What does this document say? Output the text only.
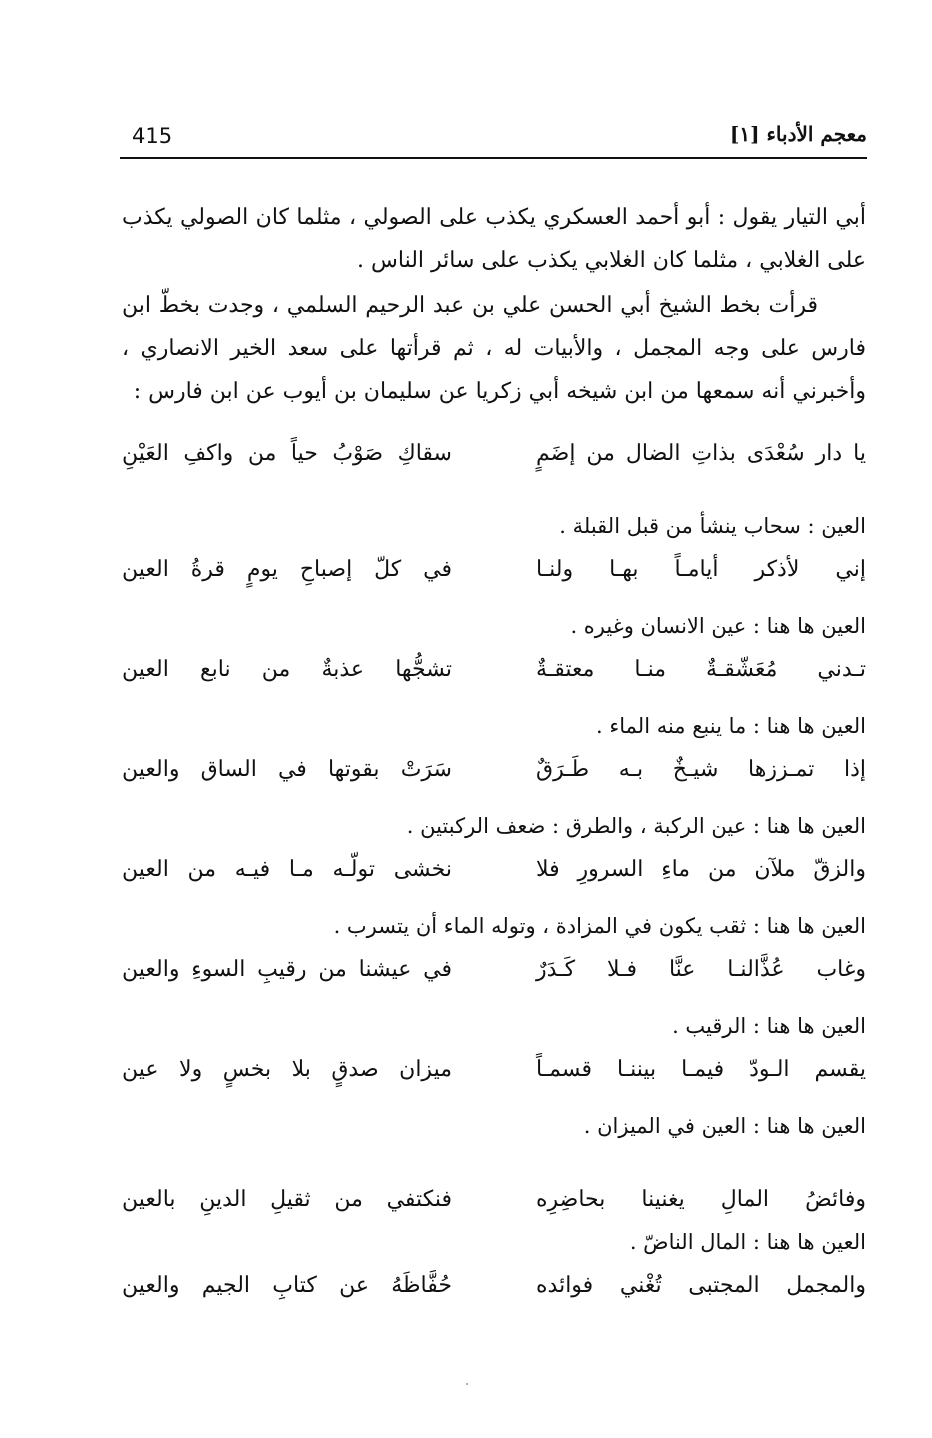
415	معجم الأدباء [١]
أبي التيار يقول : أبو أحمد العسكري يكذب على الصولي ، مثلما كان الصولي يكذب على الغلابي ، مثلما كان الغلابي يكذب على سائر الناس .
قرأت بخط الشيخ أبي الحسن علي بن عبد الرحيم السلمي ، وجدت بخطّ ابن فارس على وجه المجمل ، والأبيات له ، ثم قرأتها على سعد الخير الانصاري ، وأخبرني أنه سمعها من ابن شيخه أبي زكريا عن سليمان بن أيوب عن ابن فارس :
يا دار سُعْدَى بذاتِ الضال من إضَمٍ
سقاكِ صَوْبُ حياً من واكفِ العَيْنِ
العين : سحاب ينشأ من قبل القبلة .
إني لأذكر أيامـاً بهـا ولنـا
في كلّ إصباحِ يومٍ قرةُ العين
العين ها هنا : عين الانسان وغيره .
تـدني مُعَشّقـةٌ منـا معتقـةٌ
تشجُّها عذبةٌ من نابع العين
العين ها هنا : ما ينبع منه الماء .
إذا تمـززها شيـخٌ بـه طَـرَقٌ
سَرَتْ بقوتها في الساق والعين
العين ها هنا : عين الركبة ، والطرق : ضعف الركبتين .
والزقّ ملآن من ماءِ السرورِ فلا
نخشى تولّـه مـا فيـه من العين
العين ها هنا : ثقب يكون في المزادة ، وتوله الماء أن يتسرب .
وغاب عُذَّالنـا عنَّا فـلا كَـدَرٌ
في عيشنا من رقيبِ السوءِ والعين
العين ها هنا : الرقيب .
يقسم الـودّ فيمـا بيننـا قسمـاً
ميزان صدقٍ بلا بخسٍ ولا عين
العين ها هنا : العين في الميزان .
وفائضُ المالِ يغنينا بحاضِرِه
فنكتفي من ثقيلِ الدينِ بالعين
العين ها هنا : المال الناضّ .
والمجمل المجتبى تُغْني فوائده
حُفَّاظَهُ عن كتابِ الجيم والعين
